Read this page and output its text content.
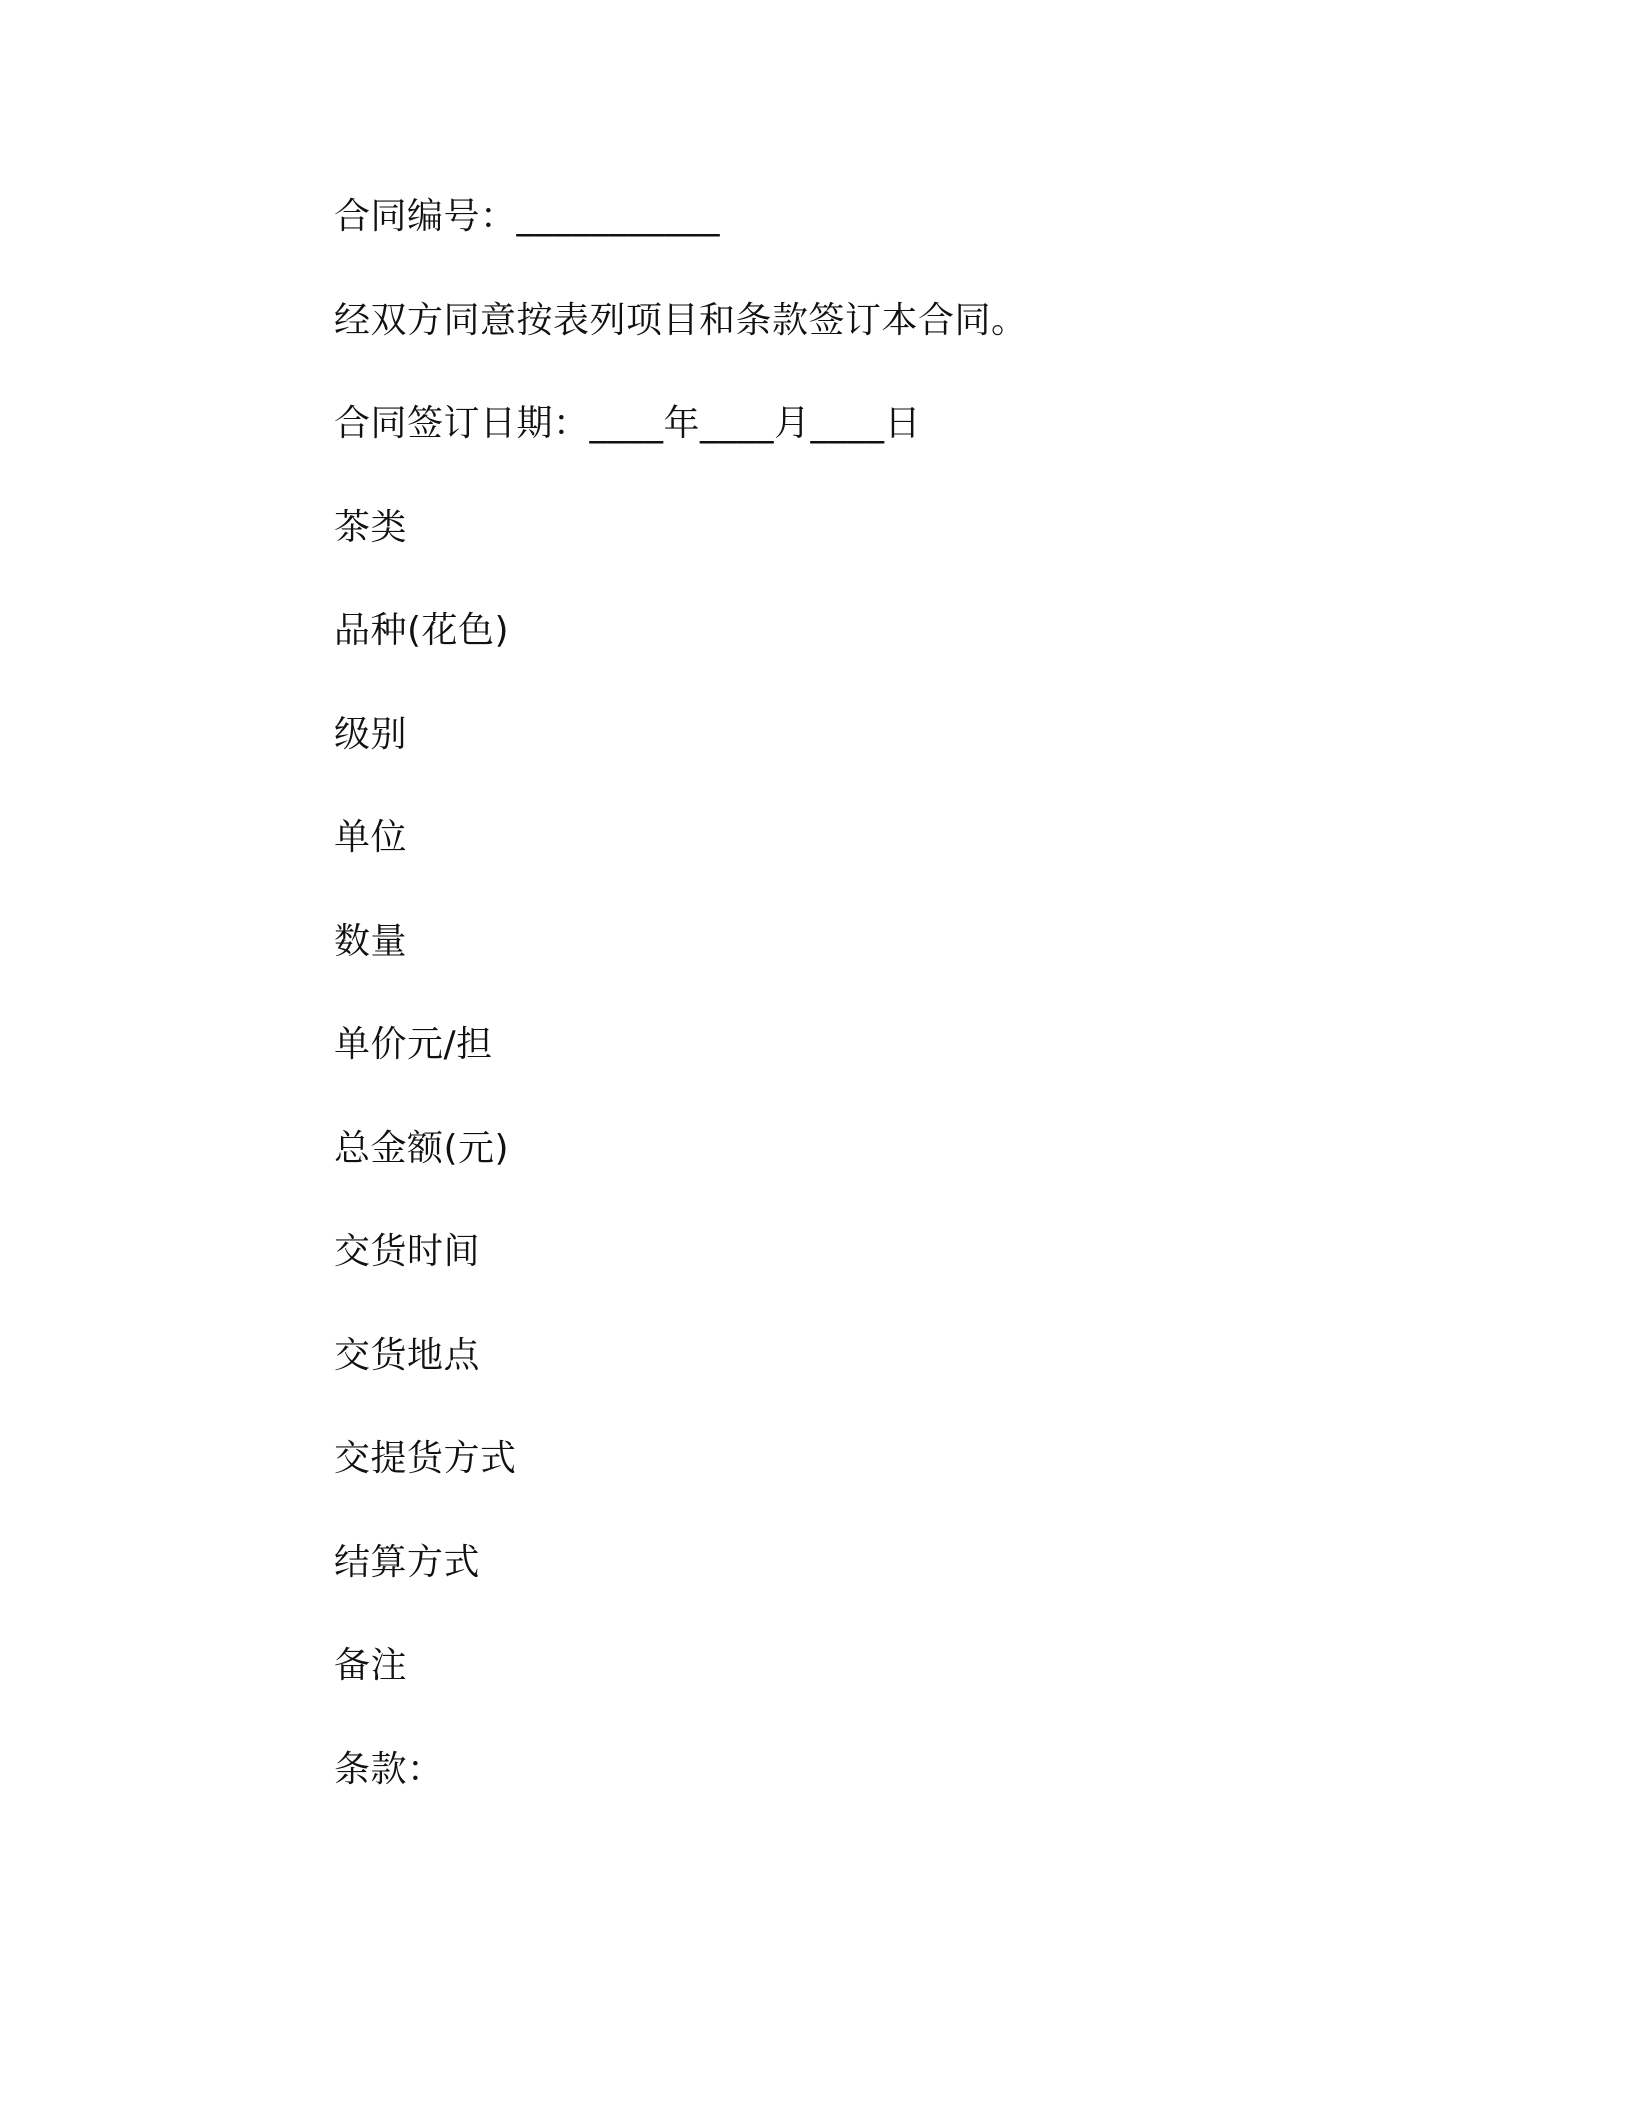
合同编号：___________
经双方同意按表列项目和条款签订本合同。
合同签订日期：____年____月____日
茶类
品种(花色)
级别
单位
数量
单价元/担
总金额(元)
交货时间
交货地点
交提货方式
结算方式
备注
条款：
